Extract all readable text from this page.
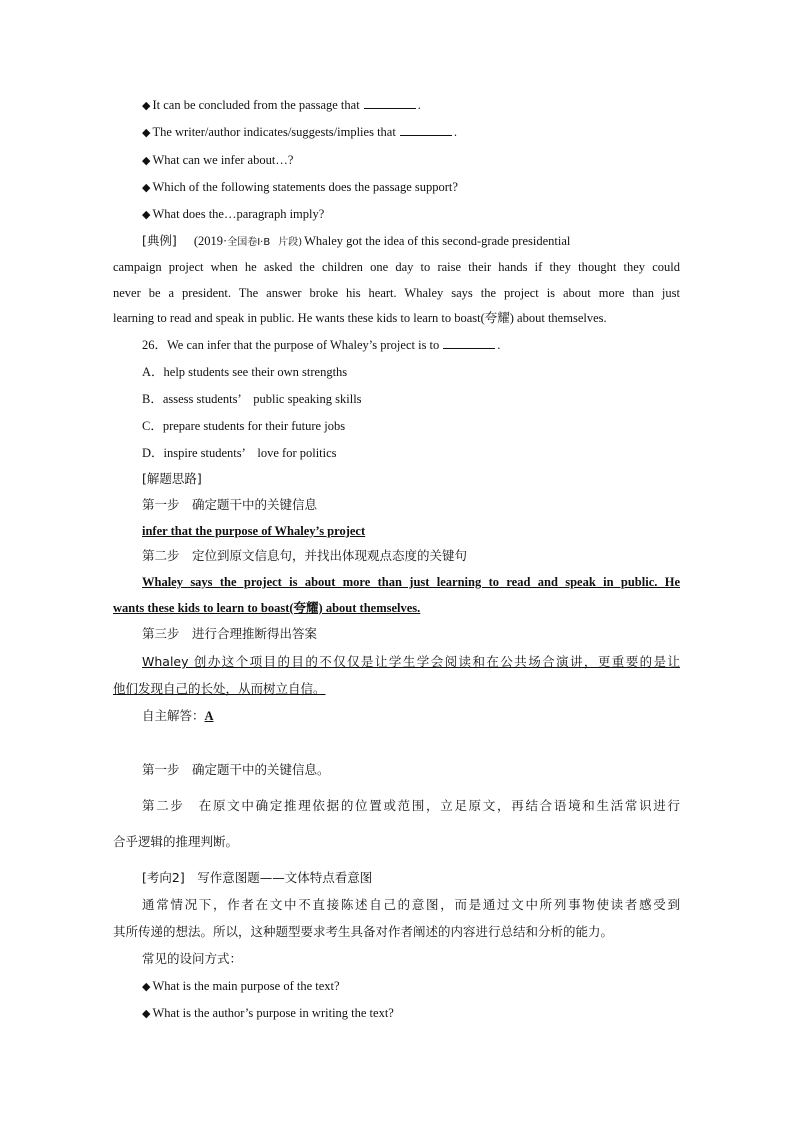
◆ It can be concluded from the passage that	.
◆ The writer/author indicates/suggests/implies that	.
◆ What can we infer about…?
◆ Which of the following statements does the passage support?
◆ What does the…paragraph imply?
[典例] (2019·全国卷Ⅰ·B 片段) Whaley got the idea of this second-grade presidential
campaign project when he asked the children one day to raise their hands if they thought they could
never be a president. The answer broke his heart. Whaley says the project is about more than just
learning to read and speak in public. He wants these kids to learn to boast(夸耀) about themselves.
26．We can infer that the purpose of Whaley’s project is to	.
A．help students see their own strengths
B．assess students’　public speaking skills
C．prepare students for their future jobs
D．inspire students’　love for politics
[解题思路]
第一步　确定题干中的关键信息
infer that the purpose of Whaley’s project
第二步　定位到原文信息句，并找出体现观点态度的关键句
Whaley says the project is about more than just learning to read and speak in public. He
wants these kids to learn to boast(夸耀) about themselves.
第三步　进行合理推断得出答案
Whaley 创办这个项目的目的不仅仅是让学生学会阅读和在公共场合演讲，更重要的是让
他们发现自己的长处，从而树立自信。
自主解答：A
第一步　确定题干中的关键信息。
第二步　在原文中确定推理依据的位置或范围，立足原文，再结合语境和生活常识进行
合乎逻辑的推理判断。
[考向2]　写作意图题——文体特点看意图
通常情况下，作者在文中不直接陈述自己的意图，而是通过文中所列事物使读者感受到
其所传递的想法。所以，这种题型要求考生具备对作者阐述的内容进行总结和分析的能力。
常见的设问方式：
◆ What is the main purpose of the text?
◆ What is the author’s purpose in writing the text?
